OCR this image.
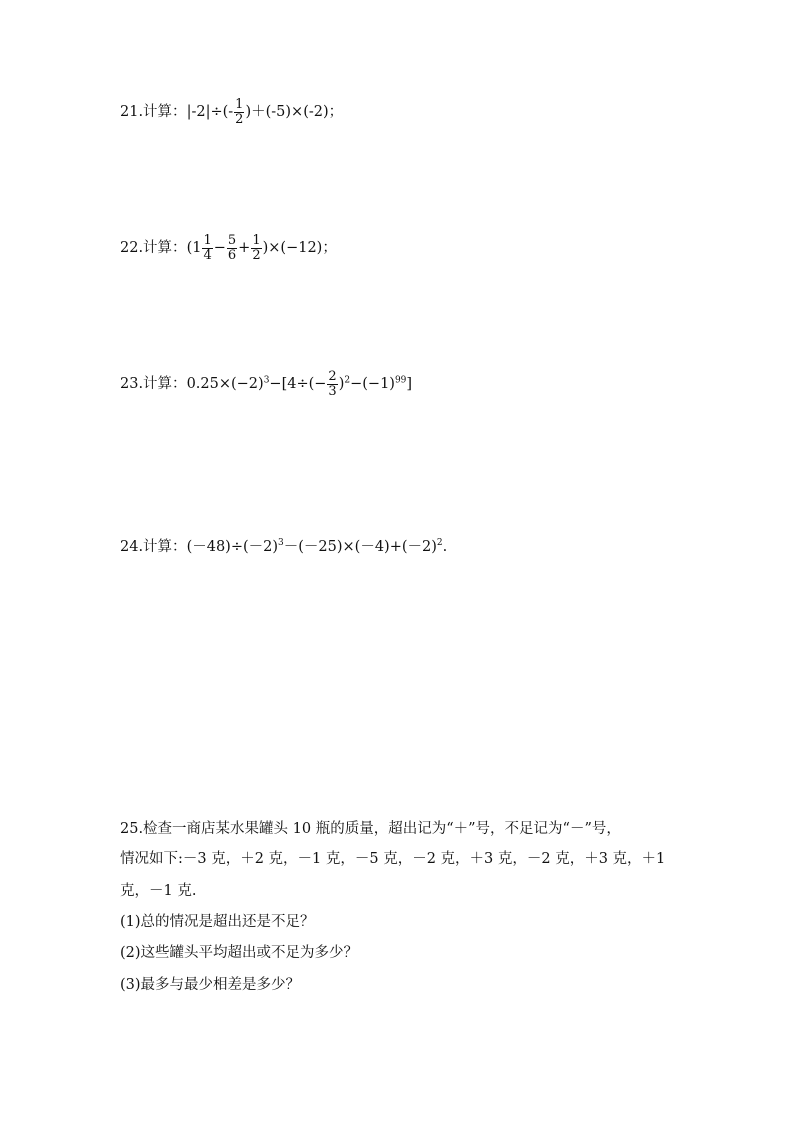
21.计算：$|-2|\div(- \frac{1}{2} )+(-5)\times(-2)$；
22.计算：$(1 \frac{1}{4} - \frac{5}{6} + \frac{1}{2} )\times(-12)$；
23.计算：$0.25\times(-2)^3-[4\div(- \frac{2}{3} )^2-(-1)^{99}]$
24.计算：$(-48)\div(-2)^3-(-25)\times(-4)+(-2)^2$.
25.检查一商店某水果罐头 10 瓶的质量，超出记为“＋”号，不足记为“－”号，
情况如下:－3 克，＋2 克，－1 克，－5 克，－2 克，＋3 克，－2 克，＋3 克，＋1
克，－1 克.
(1)总的情况是超出还是不足？
(2)这些罐头平均超出或不足为多少？
(3)最多与最少相差是多少？
